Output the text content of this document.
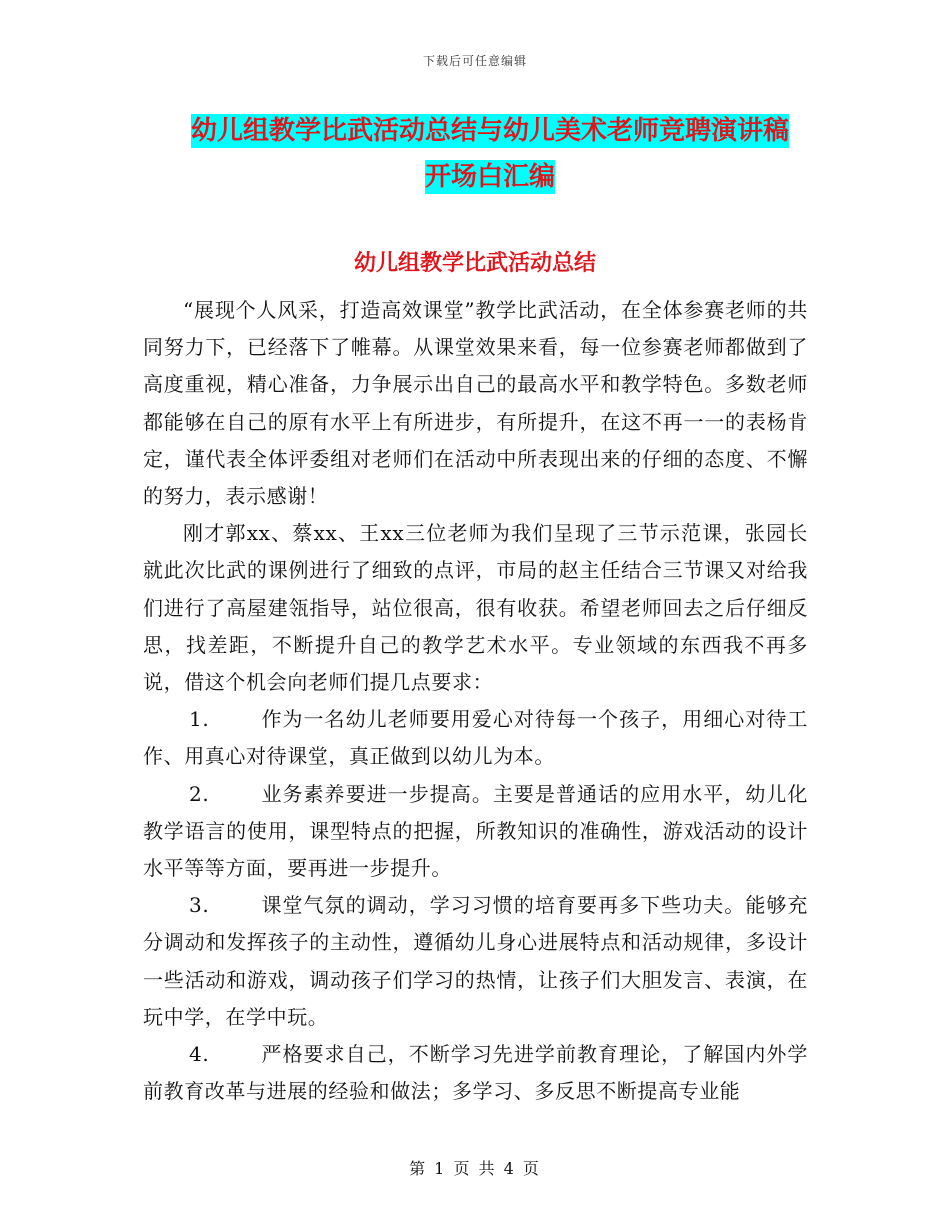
下载后可任意编辑
幼儿组教学比武活动总结与幼儿美术老师竞聘演讲稿
开场白汇编
幼儿组教学比武活动总结

“展现个人风采，打造高效课堂”教学比武活动，在全体参赛老师的共同努力下，已经落下了帷幕。从课堂效果来看，每一位参赛老师都做到了高度重视，精心准备，力争展示出自己的最高水平和教学特色。多数老师都能够在自己的原有水平上有所进步，有所提升，在这不再一一的表杨肯定，谨代表全体评委组对老师们在活动中所表现出来的仔细的态度、不懈的努力，表示感谢！

刚才郭xx、蔡xx、王xx三位老师为我们呈现了三节示范课，张园长就此次比武的课例进行了细致的点评，市局的赵主任结合三节课又对给我们进行了高屋建瓴指导，站位很高，很有收获。希望老师回去之后仔细反思，找差距，不断提升自己的教学艺术水平。专业领域的东西我不再多说，借这个机会向老师们提几点要求：

1.	作为一名幼儿老师要用爱心对待每一个孩子，用细心对待工作、用真心对待课堂，真正做到以幼儿为本。

2.	业务素养要进一步提高。主要是普通话的应用水平，幼儿化教学语言的使用，课型特点的把握，所教知识的准确性，游戏活动的设计水平等等方面，要再进一步提升。

3.	课堂气氛的调动，学习习惯的培育要再多下些功夫。能够充分调动和发挥孩子的主动性，遵循幼儿身心进展特点和活动规律，多设计一些活动和游戏，调动孩子们学习的热情，让孩子们大胆发言、表演，在玩中学，在学中玩。

4.	严格要求自己，不断学习先进学前教育理论，了解国内外学前教育改革与进展的经验和做法；多学习、多反思不断提高专业能

第 1 页 共 4 页
